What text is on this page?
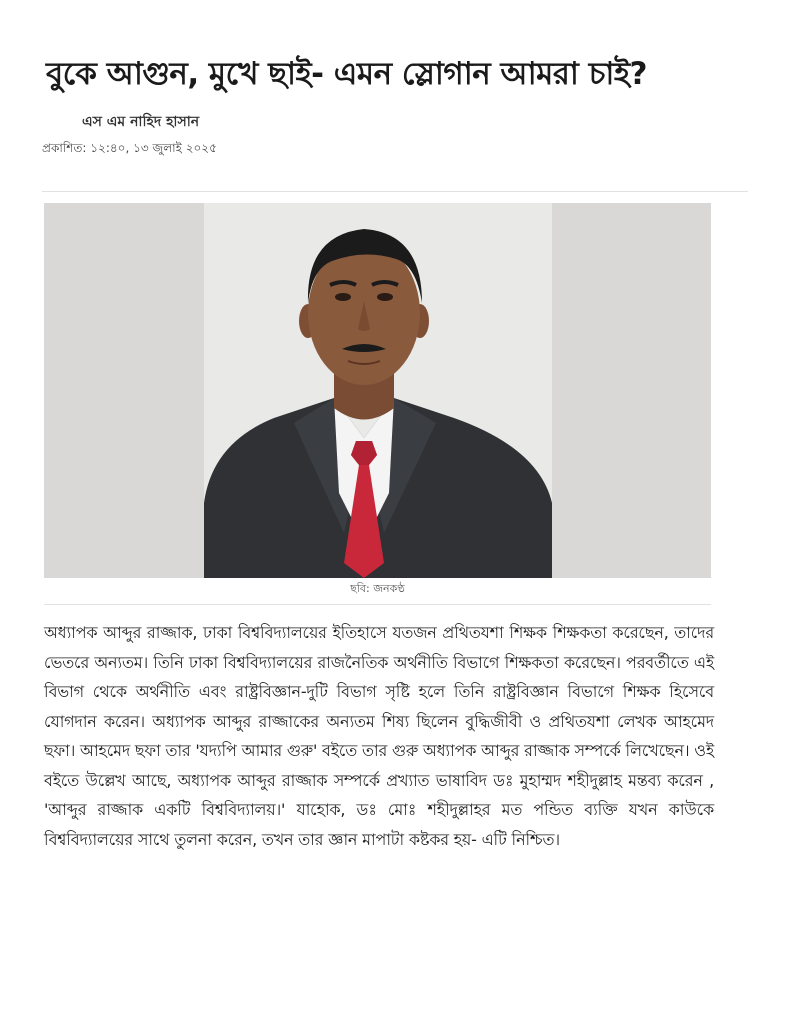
বুকে আগুন, মুখে ছাই- এমন স্লোগান আমরা চাই?
এস এম নাহিদ হাসান
প্রকাশিত: ১২:৪০, ১৩ জুলাই ২০২৫
ছবি: জনকণ্ঠ

অধ্যাপক আব্দুর রাজ্জাক, ঢাকা বিশ্ববিদ্যালয়ের ইতিহাসে যতজন প্রথিতযশা শিক্ষক শিক্ষকতা করেছেন, তাদের ভেতরে অন্যতম। তিনি ঢাকা বিশ্ববিদ্যালয়ের রাজনৈতিক অর্থনীতি বিভাগে শিক্ষকতা করেছেন। পরবর্তীতে এই বিভাগ থেকে অর্থনীতি এবং রাষ্ট্রবিজ্ঞান-দুটি বিভাগ সৃষ্টি হলে তিনি রাষ্ট্রবিজ্ঞান বিভাগে শিক্ষক হিসেবে যোগদান করেন। অধ্যাপক আব্দুর রাজ্জাকের অন্যতম শিষ্য ছিলেন বুদ্ধিজীবী ও প্রথিতযশা লেখক আহমেদ ছফা। আহমেদ ছফা তার 'যদ্যপি আমার গুরু' বইতে তার গুরু অধ্যাপক আব্দুর রাজ্জাক সম্পর্কে লিখেছেন। ওই বইতে উল্লেখ আছে, অধ্যাপক আব্দুর রাজ্জাক সম্পর্কে প্রখ্যাত ভাষাবিদ ডঃ মুহাম্মদ শহীদুল্লাহ মন্তব্য করেন , 'আব্দুর রাজ্জাক একটি বিশ্ববিদ্যালয়।' যাহোক, ডঃ মোঃ শহীদুল্লাহর মত পন্ডিত ব্যক্তি যখন কাউকে বিশ্ববিদ্যালয়ের সাথে তুলনা করেন, তখন তার জ্ঞান মাপাটা কষ্টকর হয়- এটি নিশ্চিত।
